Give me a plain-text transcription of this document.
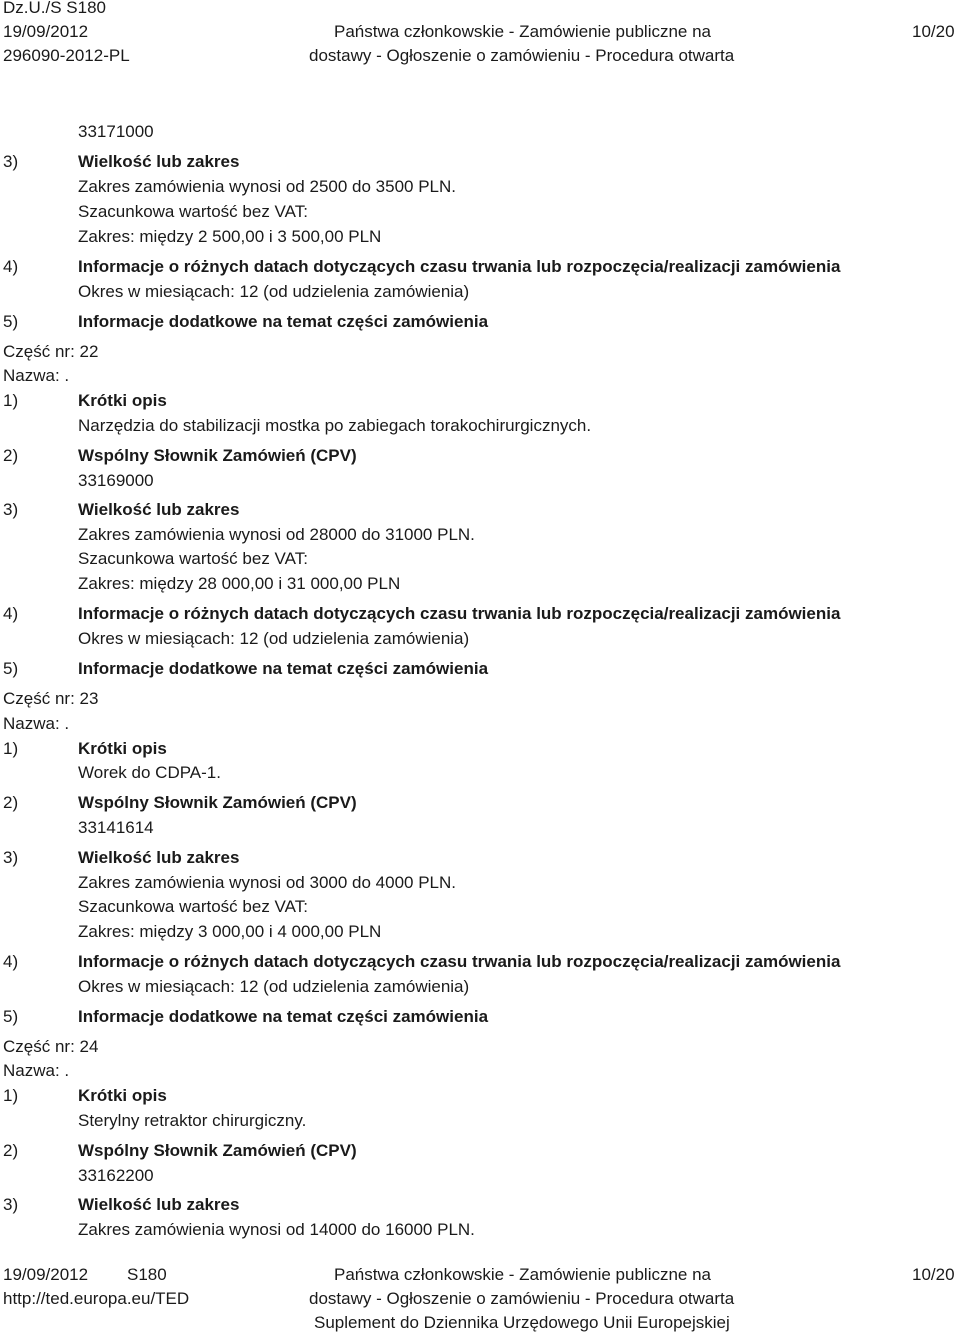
Dz.U./S S180
19/09/2012
296090-2012-PL
Państwa członkowskie - Zamówienie publiczne na
dostawy - Ogłoszenie o zamówieniu - Procedura otwarta
10/20
33171000
3)	Wielkość lub zakres
Zakres zamówienia wynosi od 2500 do 3500 PLN.
Szacunkowa wartość bez VAT:
Zakres: między 2 500,00 i 3 500,00 PLN
4)	Informacje o różnych datach dotyczących czasu trwania lub rozpoczęcia/realizacji zamówienia
Okres w miesiącach: 12 (od udzielenia zamówienia)
5)	Informacje dodatkowe na temat części zamówienia
Część nr: 22
Nazwa: .
1)	Krótki opis
Narzędzia do stabilizacji mostka po zabiegach torakochirurgicznych.
2)	Wspólny Słownik Zamówień (CPV)
33169000
3)	Wielkość lub zakres
Zakres zamówienia wynosi od 28000 do 31000 PLN.
Szacunkowa wartość bez VAT:
Zakres: między 28 000,00 i 31 000,00 PLN
4)	Informacje o różnych datach dotyczących czasu trwania lub rozpoczęcia/realizacji zamówienia
Okres w miesiącach: 12 (od udzielenia zamówienia)
5)	Informacje dodatkowe na temat części zamówienia
Część nr: 23
Nazwa: .
1)	Krótki opis
Worek do CDPA-1.
2)	Wspólny Słownik Zamówień (CPV)
33141614
3)	Wielkość lub zakres
Zakres zamówienia wynosi od 3000 do 4000 PLN.
Szacunkowa wartość bez VAT:
Zakres: między 3 000,00 i 4 000,00 PLN
4)	Informacje o różnych datach dotyczących czasu trwania lub rozpoczęcia/realizacji zamówienia
Okres w miesiącach: 12 (od udzielenia zamówienia)
5)	Informacje dodatkowe na temat części zamówienia
Część nr: 24
Nazwa: .
1)	Krótki opis
Sterylny retraktor chirurgiczny.
2)	Wspólny Słownik Zamówień (CPV)
33162200
3)	Wielkość lub zakres
Zakres zamówienia wynosi od 14000 do 16000 PLN.
19/09/2012 S180
http://ted.europa.eu/TED
Państwa członkowskie - Zamówienie publiczne na
dostawy - Ogłoszenie o zamówieniu - Procedura otwarta
Suplement do Dziennika Urzędowego Unii Europejskiej
10/20
